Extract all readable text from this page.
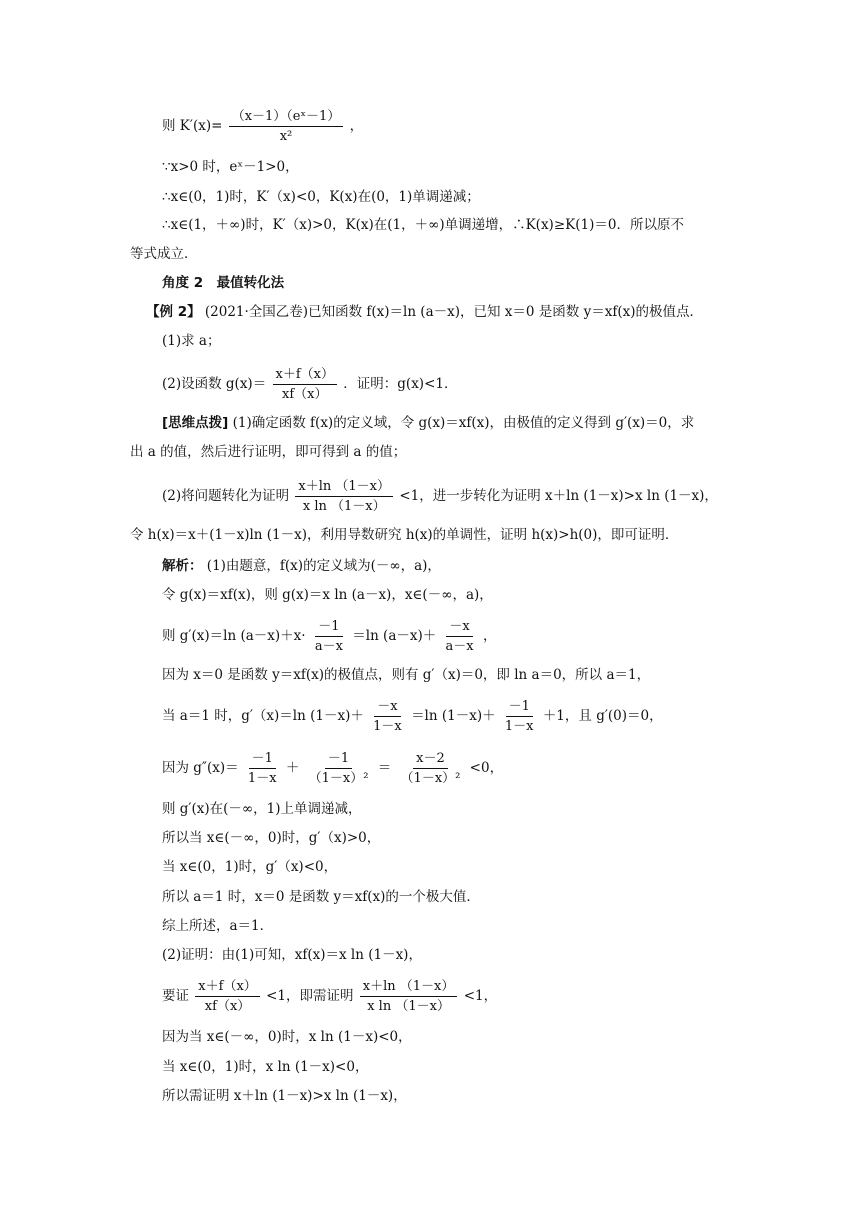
则 $K'(x)= \frac{\text{（x－1）（eˣ－1）}}{\text{x²}}$ ，
∵x>0 时，eˣ－1>0，
∴x∈(0，1)时，K′（x)<0，K(x)在(0，1)单调递减；
∴x∈(1，＋∞)时，K′（x)>0，K(x)在(1，＋∞)单调递增，∴K(x)≥K(1)＝0．所以原不
等式成立．
角度 2　最值转化法
【例 2】 (2021·全国乙卷)已知函数 f(x)＝ln (a－x)，已知 x＝0 是函数 y＝xf(x)的极值点．
(1)求 a；
(2)设函数 $g(x)= \frac{x+f(x)}{xf(x)}$ ．证明：g(x)<1．
[思维点拨] (1)确定函数 f(x)的定义域，令 g(x)＝xf(x)，由极值的定义得到 g′(x)＝0，求
出 a 的值，然后进行证明，即可得到 a 的值；
(2)将问题转化为证明 $\frac{x+\ln (1-x)}{\text{x ln （1－x）}} <1$，进一步转化为证明 x＋ln (1－x)>x ln (1－x)，
令 h(x)＝x＋(1－x)ln (1－x)，利用导数研究 h(x)的单调性，证明 h(x)>h(0)，即可证明．
解析： (1)由题意，f(x)的定义域为(－∞，a)，
令 g(x)＝xf(x)，则 g(x)＝x ln (a－x)，x∈(－∞，a)，
则 g′(x)＝ln $(a-x)+x\cdot \frac{-1}{a-x} =\ln$ $(a-x)+ \frac{-x}{a-x}$ ，
因为 x＝0 是函数 y＝xf(x)的极值点，则有 g′（x)＝0，即 ln a＝0，所以 a＝1，
当 a＝1 时，g′（x)＝ln $(1-x)+ \frac{-x}{1-x} =\ln$ $(1-x)+ \frac{-1}{1-x} +1$，且 g′(0)＝0，
因为 $g''(x)= \frac{-1}{1-x} + \frac{-1}{\text{（1－x）²}} = \frac{x-2}{\text{（1－x）²}} <0$，
则 g′(x)在(－∞，1)上单调递减，
所以当 x∈(－∞，0)时，g′（x)>0，
当 x∈(0，1)时，g′（x)<0，
所以 a＝1 时，x＝0 是函数 y＝xf(x)的一个极大值．
综上所述，a＝1．
(2)证明：由(1)可知，xf(x)＝x ln (1－x)，
要证 $\frac{x+f(x)}{xf(x)} <1$，即需证明 $\frac{x+\ln (1-x)}{\text{x ln （1－x）}} <1$，
因为当 x∈(－∞，0)时，x ln (1－x)<0，
当 x∈(0，1)时，x ln (1－x)<0，
所以需证明 x＋ln (1－x)>x ln (1－x)，
